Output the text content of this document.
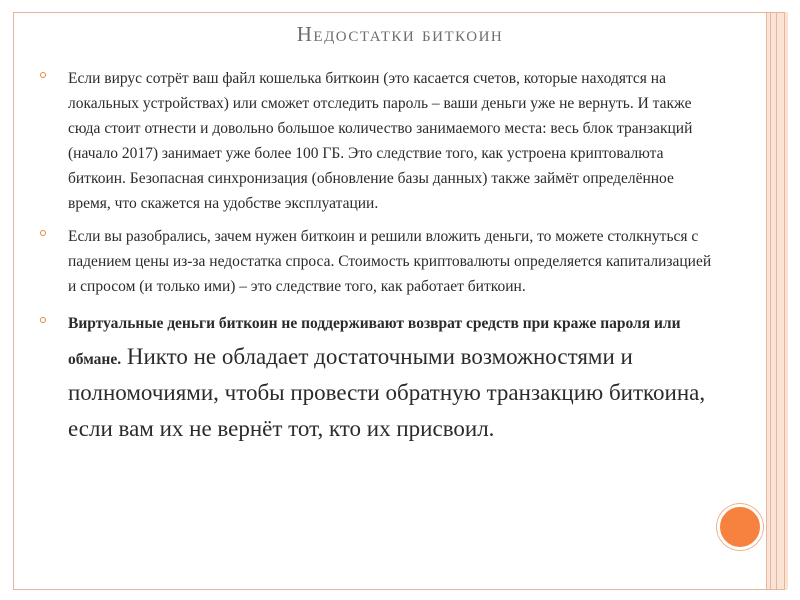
Недостатки биткоин
Если вирус сотрёт ваш файл кошелька биткоин (это касается счетов, которые находятся на локальных устройствах) или сможет отследить пароль – ваши деньги уже не вернуть. И также сюда стоит отнести и довольно большое количество занимаемого места: весь блок транзакций (начало 2017) занимает уже более 100 ГБ. Это следствие того, как устроена криптовалюта биткоин. Безопасная синхронизация (обновление базы данных) также займёт определённое время, что скажется на удобстве эксплуатации.
Если вы разобрались, зачем нужен биткоин и решили вложить деньги, то можете столкнуться с падением цены из-за недостатка спроса. Стоимость криптовалюты определяется капитализацией и спросом (и только ими) – это следствие того, как работает биткоин.
Виртуальные деньги биткоин не поддерживают возврат средств при краже пароля или обмане. Никто не обладает достаточными возможностями и полномочиями, чтобы провести обратную транзакцию биткоина, если вам их не вернёт тот, кто их присвоил.
